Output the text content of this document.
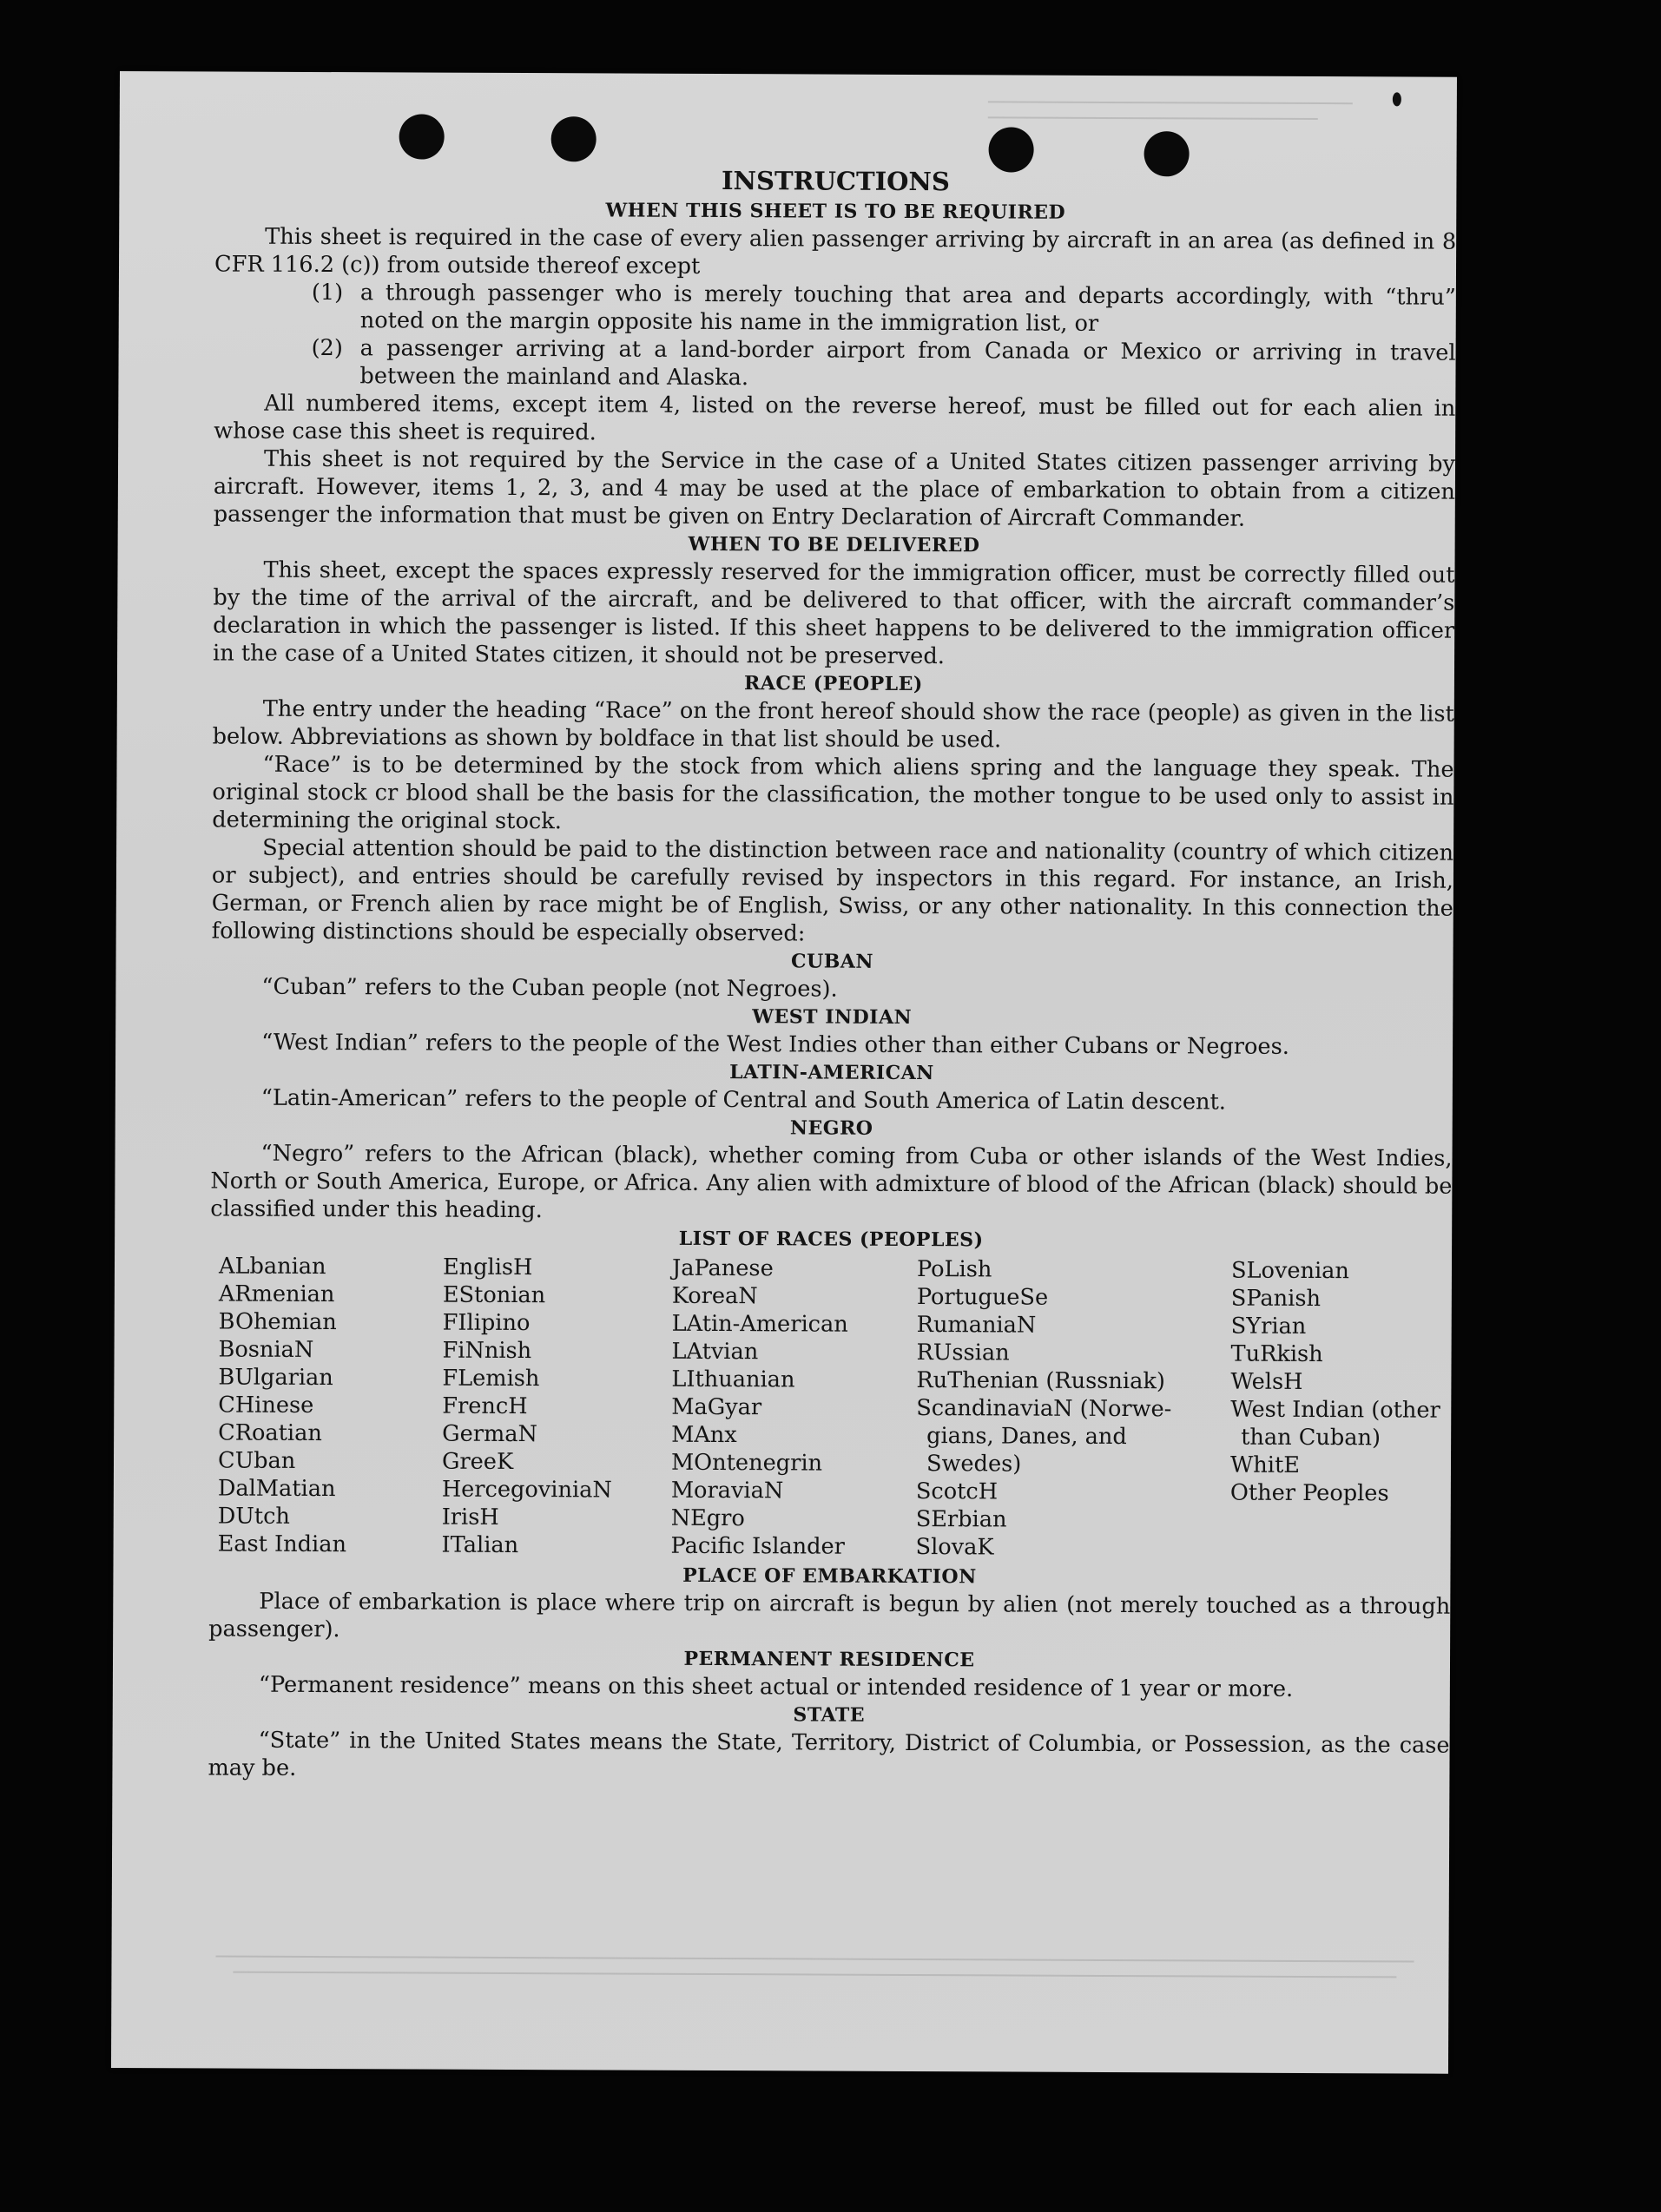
INSTRUCTIONS
WHEN THIS SHEET IS TO BE REQUIRED

This sheet is required in the case of every alien passenger arriving by aircraft in an area (as defined in 8 CFR 116.2 (c)) from outside thereof except

(1) a through passenger who is merely touching that area and departs accordingly, with “thru” noted on the margin opposite his name in the immigration list, or
(2) a passenger arriving at a land-border airport from Canada or Mexico or arriving in travel between the mainland and Alaska.

All numbered items, except item 4, listed on the reverse hereof, must be filled out for each alien in whose case this sheet is required.

This sheet is not required by the Service in the case of a United States citizen passenger arriving by aircraft. However, items 1, 2, 3, and 4 may be used at the place of embarkation to obtain from a citizen passenger the information that must be given on Entry Declaration of Aircraft Commander.

WHEN TO BE DELIVERED

This sheet, except the spaces expressly reserved for the immigration officer, must be correctly filled out by the time of the arrival of the aircraft, and be delivered to that officer, with the aircraft commander’s declaration in which the passenger is listed. If this sheet happens to be delivered to the immigration officer in the case of a United States citizen, it should not be preserved.

RACE (PEOPLE)

The entry under the heading “Race” on the front hereof should show the race (people) as given in the list below. Abbreviations as shown by boldface in that list should be used.

“Race” is to be determined by the stock from which aliens spring and the language they speak. The original stock cr blood shall be the basis for the classification, the mother tongue to be used only to assist in determining the original stock.

Special attention should be paid to the distinction between race and nationality (country of which citizen or subject), and entries should be carefully revised by inspectors in this regard. For instance, an Irish, German, or French alien by race might be of English, Swiss, or any other nationality. In this connection the following distinctions should be especially observed:

CUBAN

“Cuban” refers to the Cuban people (not Negroes).

WEST INDIAN

“West Indian” refers to the people of the West Indies other than either Cubans or Negroes.

LATIN-AMERICAN

“Latin-American” refers to the people of Central and South America of Latin descent.

NEGRO

“Negro” refers to the African (black), whether coming from Cuba or other islands of the West Indies, North or South America, Europe, or Africa. Any alien with admixture of blood of the African (black) should be classified under this heading.

LIST OF RACES (PEOPLES)
ALbanian
ARmenian
BOhemian
BosniaN
BUlgarian
CHinese
CRoatian
CUban
DalMatian
DUtch
East Indian
EnglisH
EStonian
FIlipino
FiNnish
FLemish
FrencH
GermaN
GreeK
HercegoviniaN
IrisH
ITalian
JaPanese
KoreaN
LAtin-American
LAtvian
LIthuanian
MaGyar
MAnx
MOntenegrin
MoraviaN
NEgro
Pacific Islander
PoLish
PortugueSe
RumaniaN
RUssian
RuThenian (Russniak)
ScandinaviaN (Norwe-
gians, Danes, and
Swedes)
ScotcH
SErbian
SlovaK
SLovenian
SPanish
SYrian
TuRkish
WelsH
West Indian (other
than Cuban)
WhitE
Other Peoples
PLACE OF EMBARKATION

Place of embarkation is place where trip on aircraft is begun by alien (not merely touched as a through passenger).

PERMANENT RESIDENCE

“Permanent residence” means on this sheet actual or intended residence of 1 year or more.

STATE

“State” in the United States means the State, Territory, District of Columbia, or Possession, as the case may be.
